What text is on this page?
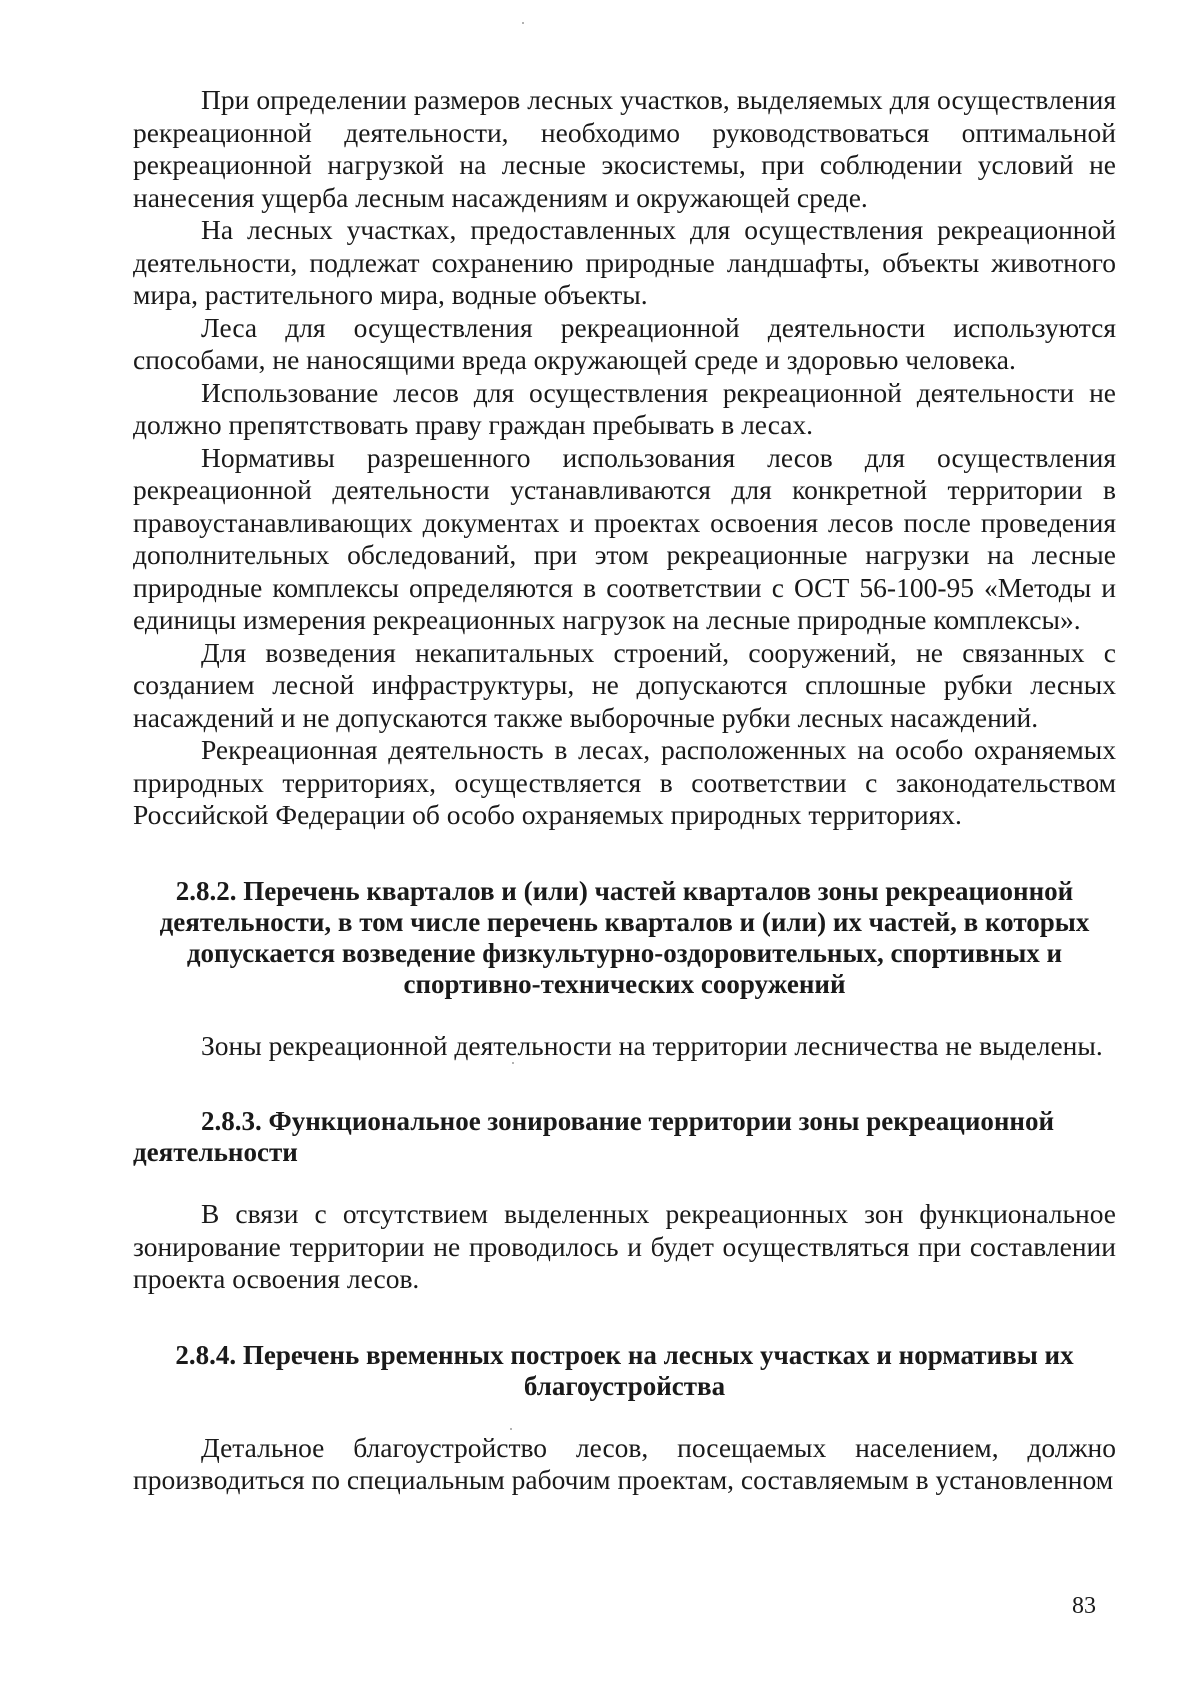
При определении размеров лесных участков, выделяемых для осуществления рекреационной деятельности, необходимо руководствоваться оптимальной рекреационной нагрузкой на лесные экосистемы, при соблюдении условий не нанесения ущерба лесным насаждениям и окружающей среде.

На лесных участках, предоставленных для осуществления рекреационной деятельности, подлежат сохранению природные ландшафты, объекты животного мира, растительного мира, водные объекты.

Леса для осуществления рекреационной деятельности используются способами, не наносящими вреда окружающей среде и здоровью человека.

Использование лесов для осуществления рекреационной деятельности не должно препятствовать праву граждан пребывать в лесах.

Нормативы разрешенного использования лесов для осуществления рекреационной деятельности устанавливаются для конкретной территории в правоустанавливающих документах и проектах освоения лесов после проведения дополнительных обследований, при этом рекреационные нагрузки на лесные природные комплексы определяются в соответствии с ОСТ 56-100-95 «Методы и единицы измерения рекреационных нагрузок на лесные природные комплексы».

Для возведения некапитальных строений, сооружений, не связанных с созданием лесной инфраструктуры, не допускаются сплошные рубки лесных насаждений и не допускаются также выборочные рубки лесных насаждений.

Рекреационная деятельность в лесах, расположенных на особо охраняемых природных территориях, осуществляется в соответствии с законодательством Российской Федерации об особо охраняемых природных территориях.

2.8.2. Перечень кварталов и (или) частей кварталов зоны рекреационной деятельности, в том числе перечень кварталов и (или) их частей, в которых допускается возведение физкультурно-оздоровительных, спортивных и спортивно-технических сооружений

Зоны рекреационной деятельности на территории лесничества не выделены.

2.8.3. Функциональное зонирование территории зоны рекреационной деятельности

В связи с отсутствием выделенных рекреационных зон функциональное зонирование территории не проводилось и будет осуществляться при составлении проекта освоения лесов.

2.8.4. Перечень временных построек на лесных участках и нормативы их благоустройства

Детальное благоустройство лесов, посещаемых населением, должно производиться по специальным рабочим проектам, составляемым в установленном

83
